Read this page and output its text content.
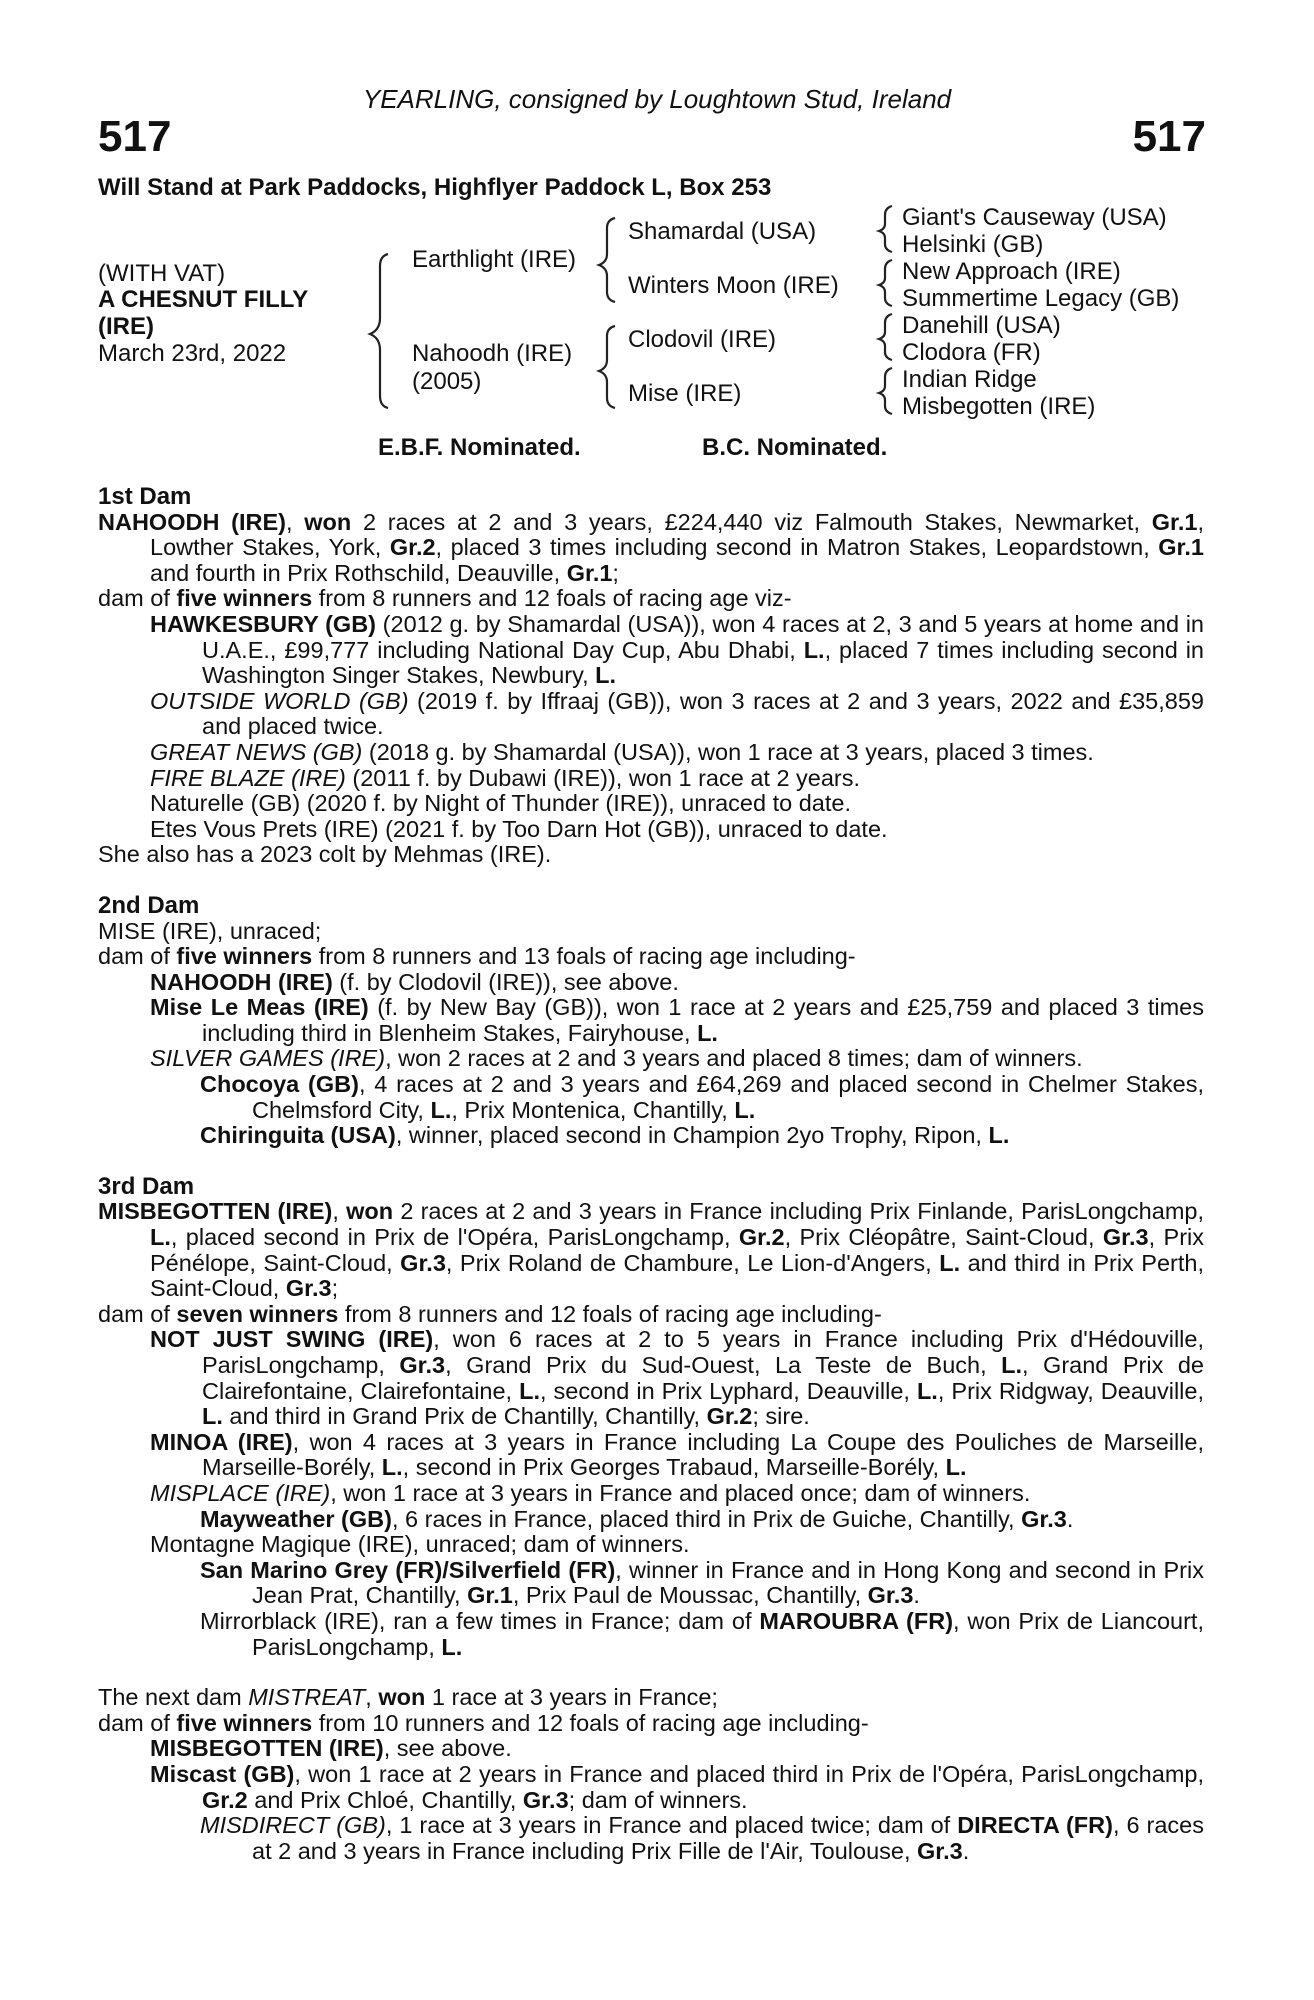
YEARLING, consigned by Loughtown Stud, Ireland
517	517
Will Stand at Park Paddocks, Highflyer Paddock L, Box 253
(WITH VAT)
A CHESNUT FILLY
(IRE)
March 23rd, 2022
Earthlight (IRE)
Nahoodh (IRE)
(2005)
Shamardal (USA)
Winters Moon (IRE)
Clodovil (IRE)
Mise (IRE)
Giant's Causeway (USA)
Helsinki (GB)
New Approach (IRE)
Summertime Legacy (GB)
Danehill (USA)
Clodora (FR)
Indian Ridge
Misbegotten (IRE)
E.B.F. Nominated.	B.C. Nominated.
1st Dam

NAHOODH (IRE), won 2 races at 2 and 3 years, £224,440 viz Falmouth Stakes, Newmarket, Gr.1, Lowther Stakes, York, Gr.2, placed 3 times including second in Matron Stakes, Leopardstown, Gr.1 and fourth in Prix Rothschild, Deauville, Gr.1;

dam of five winners from 8 runners and 12 foals of racing age viz-

HAWKESBURY (GB) (2012 g. by Shamardal (USA)), won 4 races at 2, 3 and 5 years at home and in U.A.E., £99,777 including National Day Cup, Abu Dhabi, L., placed 7 times including second in Washington Singer Stakes, Newbury, L.

OUTSIDE WORLD (GB) (2019 f. by Iffraaj (GB)), won 3 races at 2 and 3 years, 2022 and £35,859 and placed twice.

GREAT NEWS (GB) (2018 g. by Shamardal (USA)), won 1 race at 3 years, placed 3 times.

FIRE BLAZE (IRE) (2011 f. by Dubawi (IRE)), won 1 race at 2 years.

Naturelle (GB) (2020 f. by Night of Thunder (IRE)), unraced to date.

Etes Vous Prets (IRE) (2021 f. by Too Darn Hot (GB)), unraced to date.

She also has a 2023 colt by Mehmas (IRE).

2nd Dam

MISE (IRE), unraced;

dam of five winners from 8 runners and 13 foals of racing age including-

NAHOODH (IRE) (f. by Clodovil (IRE)), see above.

Mise Le Meas (IRE) (f. by New Bay (GB)), won 1 race at 2 years and £25,759 and placed 3 times including third in Blenheim Stakes, Fairyhouse, L.

SILVER GAMES (IRE), won 2 races at 2 and 3 years and placed 8 times; dam of winners.

Chocoya (GB), 4 races at 2 and 3 years and £64,269 and placed second in Chelmer Stakes, Chelmsford City, L., Prix Montenica, Chantilly, L.

Chiringuita (USA), winner, placed second in Champion 2yo Trophy, Ripon, L.

3rd Dam

MISBEGOTTEN (IRE), won 2 races at 2 and 3 years in France including Prix Finlande, ParisLongchamp, L., placed second in Prix de l'Opéra, ParisLongchamp, Gr.2, Prix Cléopâtre, Saint-Cloud, Gr.3, Prix Pénélope, Saint-Cloud, Gr.3, Prix Roland de Chambure, Le Lion-d'Angers, L. and third in Prix Perth, Saint-Cloud, Gr.3;

dam of seven winners from 8 runners and 12 foals of racing age including-

NOT JUST SWING (IRE), won 6 races at 2 to 5 years in France including Prix d'Hédouville, ParisLongchamp, Gr.3, Grand Prix du Sud-Ouest, La Teste de Buch, L., Grand Prix de Clairefontaine, Clairefontaine, L., second in Prix Lyphard, Deauville, L., Prix Ridgway, Deauville, L. and third in Grand Prix de Chantilly, Chantilly, Gr.2; sire.

MINOA (IRE), won 4 races at 3 years in France including La Coupe des Pouliches de Marseille, Marseille-Borély, L., second in Prix Georges Trabaud, Marseille-Borély, L.

MISPLACE (IRE), won 1 race at 3 years in France and placed once; dam of winners.

Mayweather (GB), 6 races in France, placed third in Prix de Guiche, Chantilly, Gr.3.

Montagne Magique (IRE), unraced; dam of winners.

San Marino Grey (FR)/Silverfield (FR), winner in France and in Hong Kong and second in Prix Jean Prat, Chantilly, Gr.1, Prix Paul de Moussac, Chantilly, Gr.3.

Mirrorblack (IRE), ran a few times in France; dam of MAROUBRA (FR), won Prix de Liancourt, ParisLongchamp, L.

The next dam MISTREAT, won 1 race at 3 years in France;

dam of five winners from 10 runners and 12 foals of racing age including-

MISBEGOTTEN (IRE), see above.

Miscast (GB), won 1 race at 2 years in France and placed third in Prix de l'Opéra, ParisLongchamp, Gr.2 and Prix Chloé, Chantilly, Gr.3; dam of winners.

MISDIRECT (GB), 1 race at 3 years in France and placed twice; dam of DIRECTA (FR), 6 races at 2 and 3 years in France including Prix Fille de l'Air, Toulouse, Gr.3.
